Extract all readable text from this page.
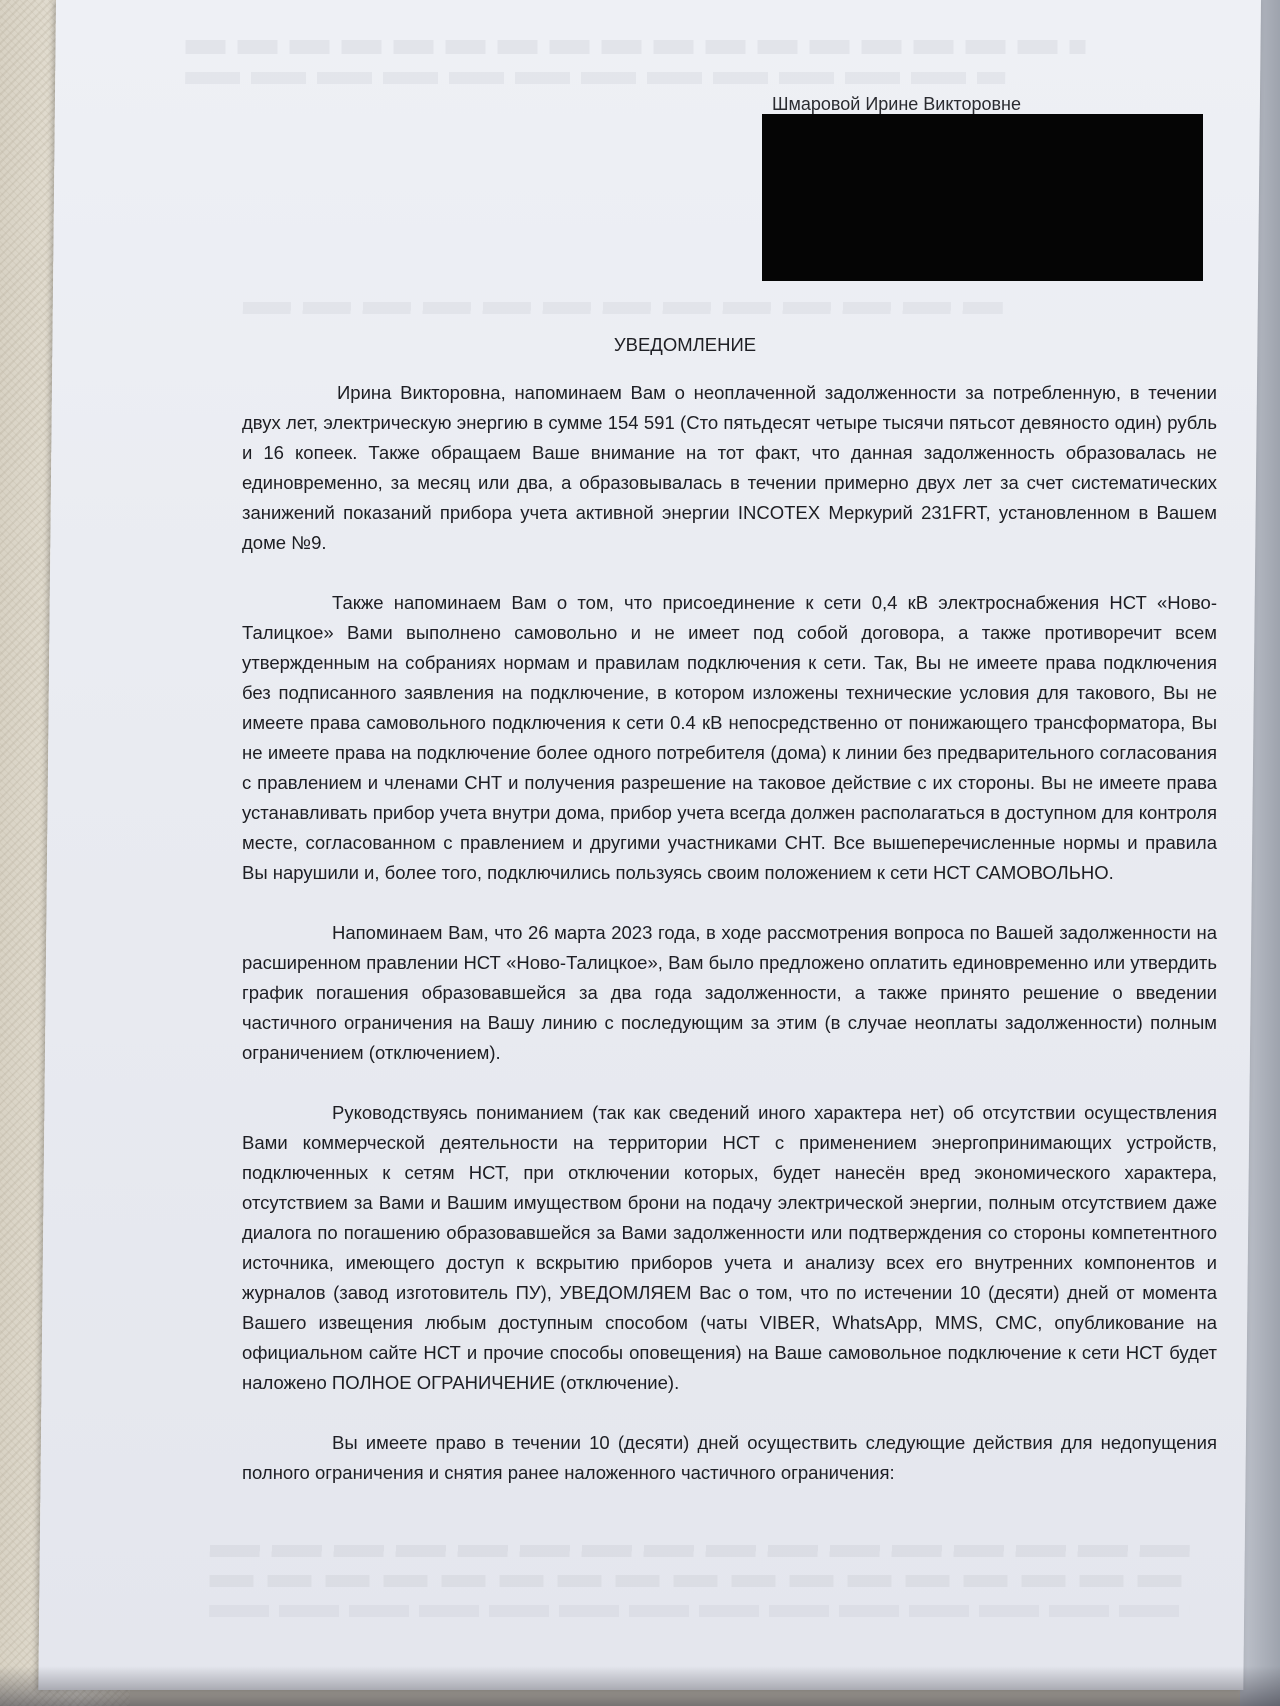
Шмаровой Ирине Викторовне
УВЕДОМЛЕНИЕ

Ирина Викторовна, напоминаем Вам о неоплаченной задолженности за потребленную, в течении двух лет, электрическую энергию в сумме 154 591 (Сто пятьдесят четыре тысячи пятьсот девяносто один) рубль и 16 копеек. Также обращаем Ваше внимание на тот факт, что данная задолженность образовалась не единовременно, за месяц или два, а образовывалась в течении примерно двух лет за счет систематических занижений показаний прибора учета активной энергии INCOTEX Меркурий 231FRT, установленном в Вашем доме №9.

Также напоминаем Вам о том, что присоединение к сети 0,4 кВ электроснабжения НСТ «Ново-Талицкое» Вами выполнено самовольно и не имеет под собой договора, а также противоречит всем утвержденным на собраниях нормам и правилам подключения к сети. Так, Вы не имеете права подключения без подписанного заявления на подключение, в котором изложены технические условия для такового, Вы не имеете права самовольного подключения к сети 0.4 кВ непосредственно от понижающего трансформатора, Вы не имеете права на подключение более одного потребителя (дома) к линии без предварительного согласования с правлением и членами СНТ и получения разрешение на таковое действие с их стороны. Вы не имеете права устанавливать прибор учета внутри дома, прибор учета всегда должен располагаться в доступном для контроля месте, согласованном с правлением и другими участниками СНТ. Все вышеперечисленные нормы и правила Вы нарушили и, более того, подключились пользуясь своим положением к сети НСТ САМОВОЛЬНО.

Напоминаем Вам, что 26 марта 2023 года, в ходе рассмотрения вопроса по Вашей задолженности на расширенном правлении НСТ «Ново-Талицкое», Вам было предложено оплатить единовременно или утвердить график погашения образовавшейся за два года задолженности, а также принято решение о введении частичного ограничения на Вашу линию с последующим за этим (в случае неоплаты задолженности) полным ограничением (отключением).

Руководствуясь пониманием (так как сведений иного характера нет) об отсутствии осуществления Вами коммерческой деятельности на территории НСТ с применением энергопринимающих устройств, подключенных к сетям НСТ, при отключении которых, будет нанесён вред экономического характера, отсутствием за Вами и Вашим имуществом брони на подачу электрической энергии, полным отсутствием даже диалога по погашению образовавшейся за Вами задолженности или подтверждения со стороны компетентного источника, имеющего доступ к вскрытию приборов учета и анализу всех его внутренних компонентов и журналов (завод изготовитель ПУ), УВЕДОМЛЯЕМ Вас о том, что по истечении 10 (десяти) дней от момента Вашего извещения любым доступным способом (чаты VIBER, WhatsApp, MMS, СМС, опубликование на официальном сайте НСТ и прочие способы оповещения) на Ваше самовольное подключение к сети НСТ будет наложено ПОЛНОЕ ОГРАНИЧЕНИЕ (отключение).

Вы имеете право в течении 10 (десяти) дней осуществить следующие действия для недопущения полного ограничения и снятия ранее наложенного частичного ограничения:
